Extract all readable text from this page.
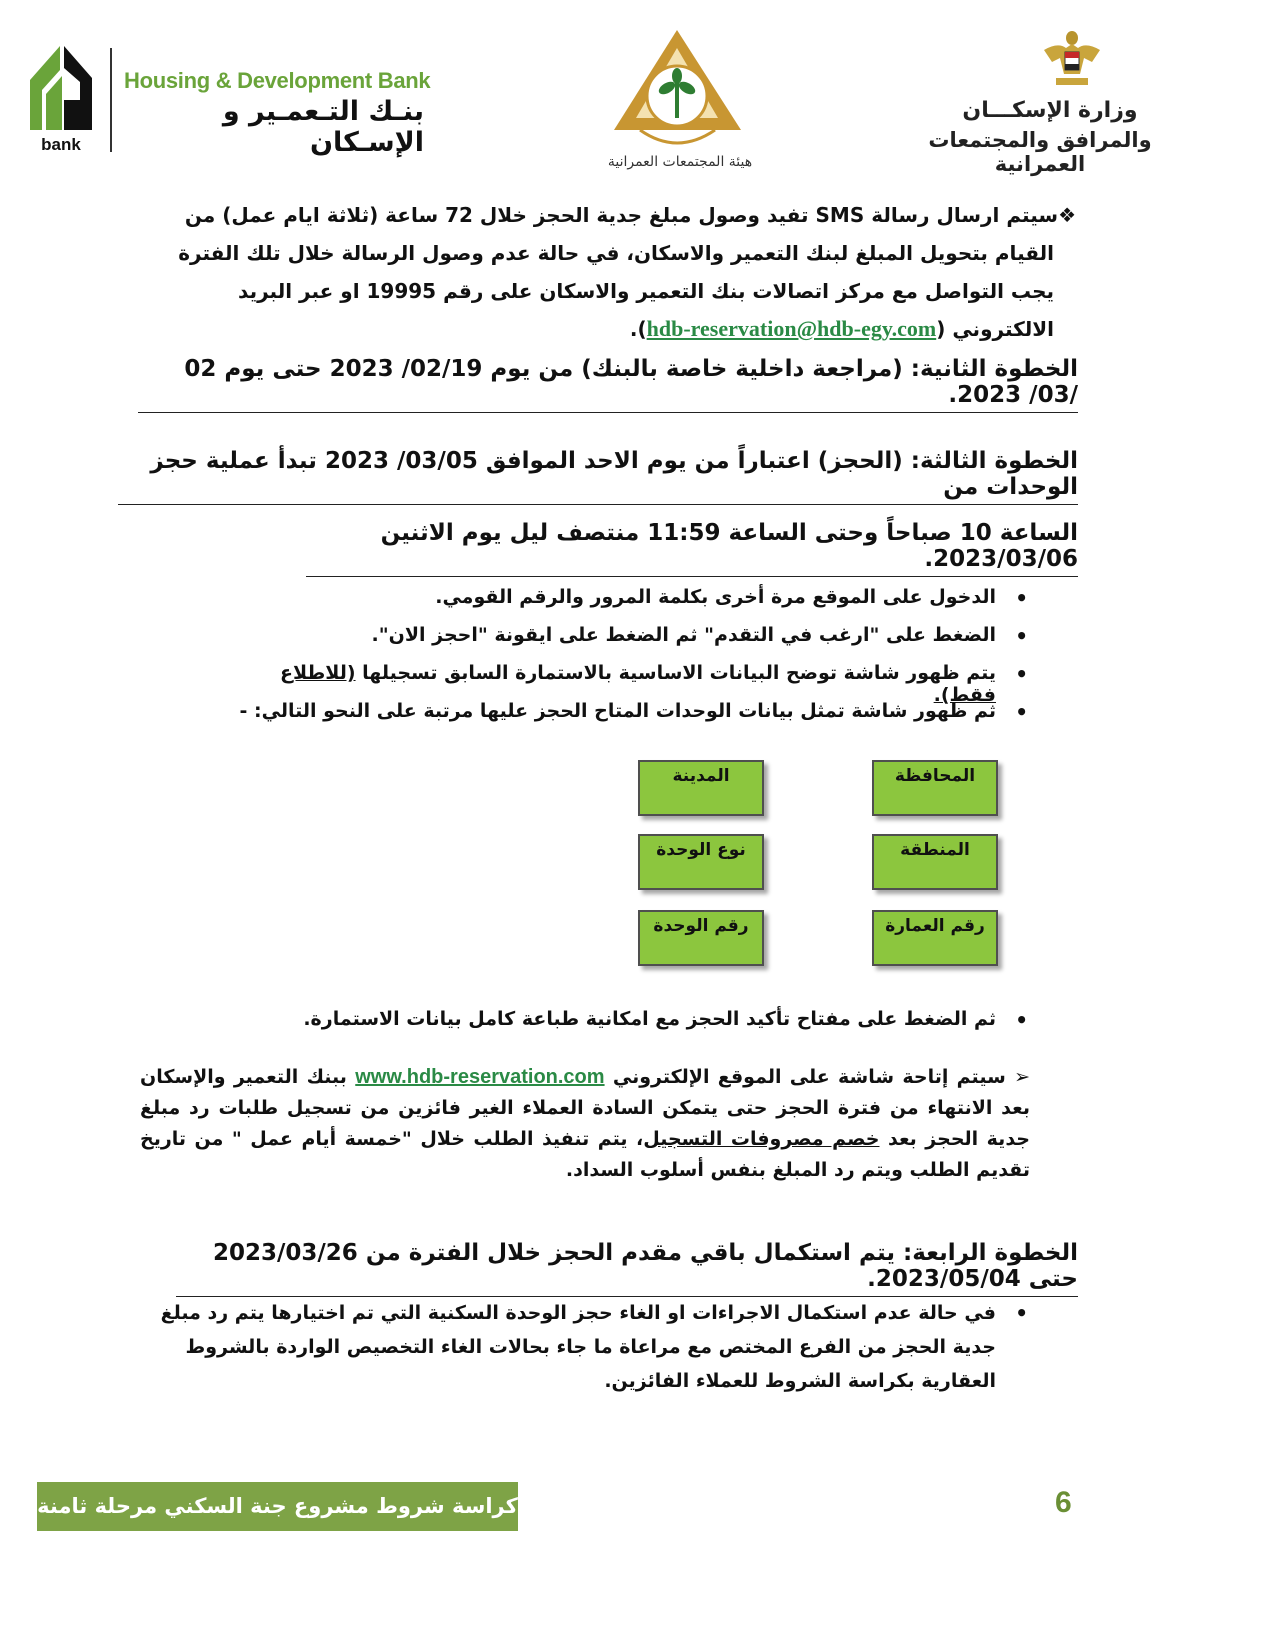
bank
Housing & Development Bank
بنـك التـعمـير و الإسـكان
هيئة المجتمعات العمرانية
وزارة الإسكـــان
والمرافق والمجتمعات العمرانية
❖سيتم ارسال رسالة SMS تفيد وصول مبلغ جدية الحجز خلال 72 ساعة (ثلاثة ايام عمل) من
القيام بتحويل المبلغ لبنك التعمير والاسكان، في حالة عدم وصول الرسالة خلال تلك الفترة
يجب التواصل مع مركز اتصالات بنك التعمير والاسكان على رقم 19995 او عبر البريد
الالكتروني (hdb-reservation@hdb-egy.com).
الخطوة الثانية: (مراجعة داخلية خاصة بالبنك) من يوم 02/19/ 2023 حتى يوم 02 /03/ 2023.
الخطوة الثالثة: (الحجز) اعتباراً من يوم الاحد الموافق 03/05/ 2023 تبدأ عملية حجز الوحدات من
الساعة 10 صباحاً وحتى الساعة 11:59 منتصف ليل يوم الاثنين 2023/03/06.
• الدخول على الموقع مرة أخرى بكلمة المرور والرقم القومي.
• الضغط على "ارغب في التقدم" ثم الضغط على ايقونة "احجز الان".
• يتم ظهور شاشة توضح البيانات الاساسية بالاستمارة السابق تسجيلها (للاطلاع فقط).
• ثم ظهور شاشة تمثل بيانات الوحدات المتاح الحجز عليها مرتبة على النحو التالي: -
المحافظة
المدينة
المنطقة
نوع الوحدة
رقم العمارة
رقم الوحدة
• ثم الضغط على مفتاح تأكيد الحجز مع امكانية طباعة كامل بيانات الاستمارة.
➢ سيتم إتاحة شاشة على الموقع الإلكتروني www.hdb-reservation.com ببنك التعمير والإسكان بعد الانتهاء من فترة الحجز حتى يتمكن السادة العملاء الغير فائزين من تسجيل طلبات رد مبلغ جدية الحجز بعد خصم مصروفات التسجيل، يتم تنفيذ الطلب خلال "خمسة أيام عمل " من تاريخ تقديم الطلب ويتم رد المبلغ بنفس أسلوب السداد.
الخطوة الرابعة: يتم استكمال باقي مقدم الحجز خلال الفترة من 2023/03/26 حتى 2023/05/04.
• في حالة عدم استكمال الاجراءات او الغاء حجز الوحدة السكنية التي تم اختيارها يتم رد مبلغ جدية الحجز من الفرع المختص مع مراعاة ما جاء بحالات الغاء التخصيص الواردة بالشروط العقارية بكراسة الشروط للعملاء الفائزين.
كراسة شروط مشروع جنة السكني مرحلة ثامنة	6
